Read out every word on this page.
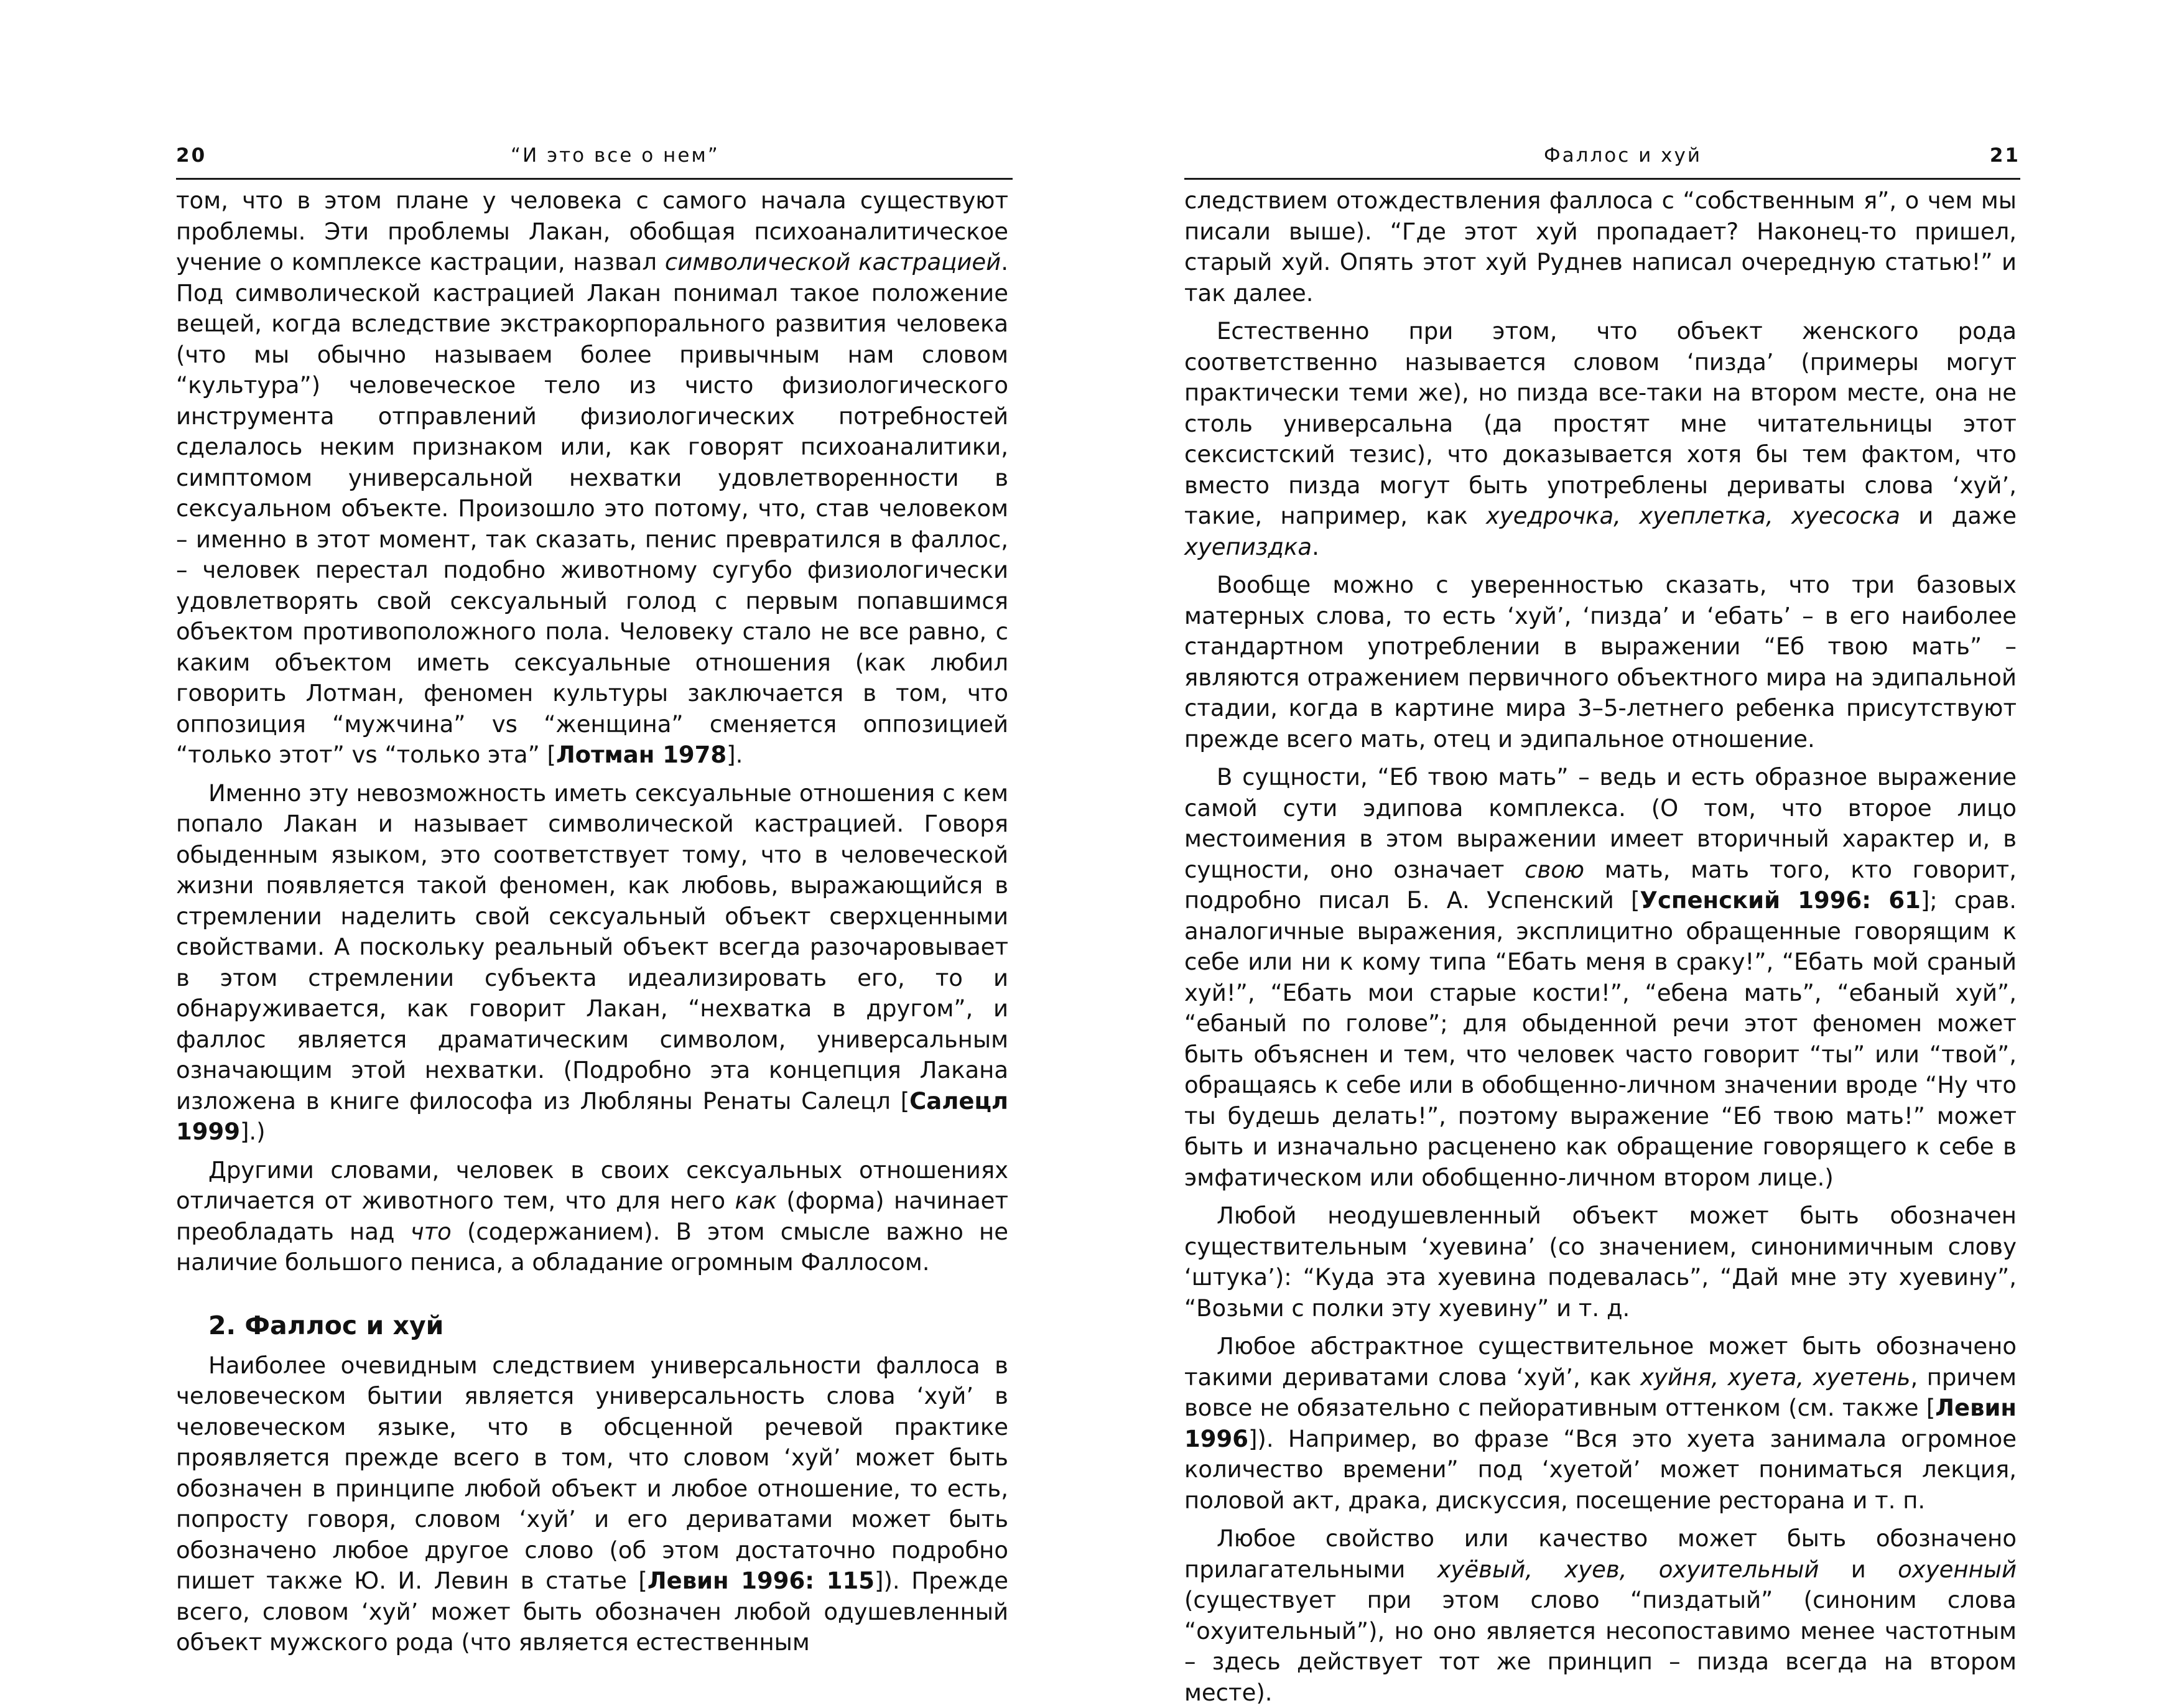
20	“И это все о нем”

том, что в этом плане у человека с самого начала существуют проблемы. Эти проблемы Лакан, обобщая психоаналитическое учение о комплексе кастрации, назвал символической кастрацией. Под символической кастрацией Лакан понимал такое положение вещей, когда вследствие экстракорпорального развития человека (что мы обычно называем более привычным нам словом “культура”) человеческое тело из чисто физиологического инструмента отправлений физиологических потребностей сделалось неким признаком или, как говорят психоаналитики, симптомом универсальной нехватки удовлетворенности в сексуальном объекте. Произошло это потому, что, став человеком – именно в этот момент, так сказать, пенис превратился в фаллос, – человек перестал подобно животному сугубо физиологически удовлетворять свой сексуальный голод с первым попавшимся объектом противоположного пола. Человеку стало не все равно, с каким объектом иметь сексуальные отношения (как любил говорить Лотман, феномен культуры заключается в том, что оппозиция “мужчина” vs “женщина” сменяется оппозицией “только этот” vs “только эта” [Лотман 1978].

Именно эту невозможность иметь сексуальные отношения с кем попало Лакан и называет символической кастрацией. Говоря обыденным языком, это соответствует тому, что в человеческой жизни появляется такой феномен, как любовь, выражающийся в стремлении наделить свой сексуальный объект сверхценными свойствами. А поскольку реальный объект всегда разочаровывает в этом стремлении субъекта идеализировать его, то и обнаруживается, как говорит Лакан, “нехватка в другом”, и фаллос является драматическим символом, универсальным означающим этой нехватки. (Подробно эта концепция Лакана изложена в книге философа из Любляны Ренаты Салецл [Салецл 1999].)

Другими словами, человек в своих сексуальных отношениях отличается от животного тем, что для него как (форма) начинает преобладать над что (содержанием). В этом смысле важно не наличие большого пениса, а обладание огромным Фаллосом.

2. Фаллос и хуй

Наиболее очевидным следствием универсальности фаллоса в человеческом бытии является универсальность слова ‘хуй’ в человеческом языке, что в обсценной речевой практике проявляется прежде всего в том, что словом ‘хуй’ может быть обозначен в принципе любой объект и любое отношение, то есть, попросту говоря, словом ‘хуй’ и его дериватами может быть обозначено любое другое слово (об этом достаточно подробно пишет также Ю. И. Левин в статье [Левин 1996: 115]). Прежде всего, словом ‘хуй’ может быть обозначен любой одушевленный объект мужского рода (что является естественным

Фаллос и хуй	21

следствием отождествления фаллоса с “собственным я”, о чем мы писали выше). “Где этот хуй пропадает? Наконец-то пришел, старый хуй. Опять этот хуй Руднев написал очередную статью!” и так далее.

Естественно при этом, что объект женского рода соответственно называется словом ‘пизда’ (примеры могут практически теми же), но пизда все-таки на втором месте, она не столь универсальна (да простят мне читательницы этот сексистский тезис), что доказывается хотя бы тем фактом, что вместо пизда могут быть употреблены дериваты слова ‘хуй’, такие, например, как хуедрочка, хуеплетка, хуесоска и даже хуепиздка.

Вообще можно с уверенностью сказать, что три базовых матерных слова, то есть ‘хуй’, ‘пизда’ и ‘ебать’ – в его наиболее стандартном употреблении в выражении “Еб твою мать” – являются отражением первичного объектного мира на эдипальной стадии, когда в картине мира 3–5-летнего ребенка присутствуют прежде всего мать, отец и эдипальное отношение.

В сущности, “Еб твою мать” – ведь и есть образное выражение самой сути эдипова комплекса. (О том, что второе лицо местоимения в этом выражении имеет вторичный характер и, в сущности, оно означает свою мать, мать того, кто говорит, подробно писал Б. А. Успенский [Успенский 1996: 61]; срав. аналогичные выражения, эксплицитно обращенные говорящим к себе или ни к кому типа “Ебать меня в сраку!”, “Ебать мой сраный хуй!”, “Ебать мои старые кости!”, “ебена мать”, “ебаный хуй”, “ебаный по голове”; для обыденной речи этот феномен может быть объяснен и тем, что человек часто говорит “ты” или “твой”, обращаясь к себе или в обобщенно-личном значении вроде “Ну что ты будешь делать!”, поэтому выражение “Еб твою мать!” может быть и изначально расценено как обращение говорящего к себе в эмфатическом или обобщенно-личном втором лице.)

Любой неодушевленный объект может быть обозначен существительным ‘хуевина’ (со значением, синонимичным слову ‘штука’): “Куда эта хуевина подевалась”, “Дай мне эту хуевину”, “Возьми с полки эту хуевину” и т. д.

Любое абстрактное существительное может быть обозначено такими дериватами слова ‘хуй’, как хуйня, хуета, хуетень, причем вовсе не обязательно с пейоративным оттенком (см. также [Левин 1996]). Например, во фразе “Вся это хуета занимала огромное количество времени” под ‘хуетой’ может пониматься лекция, половой акт, драка, дискуссия, посещение ресторана и т. п.

Любое свойство или качество может быть обозначено прилагательными хуёвый, хуев, охуительный и охуенный (существует при этом слово “пиздатый” (синоним слова “охуительный”), но оно является несопоставимо менее частотным – здесь действует тот же принцип – пизда всегда на втором месте).
